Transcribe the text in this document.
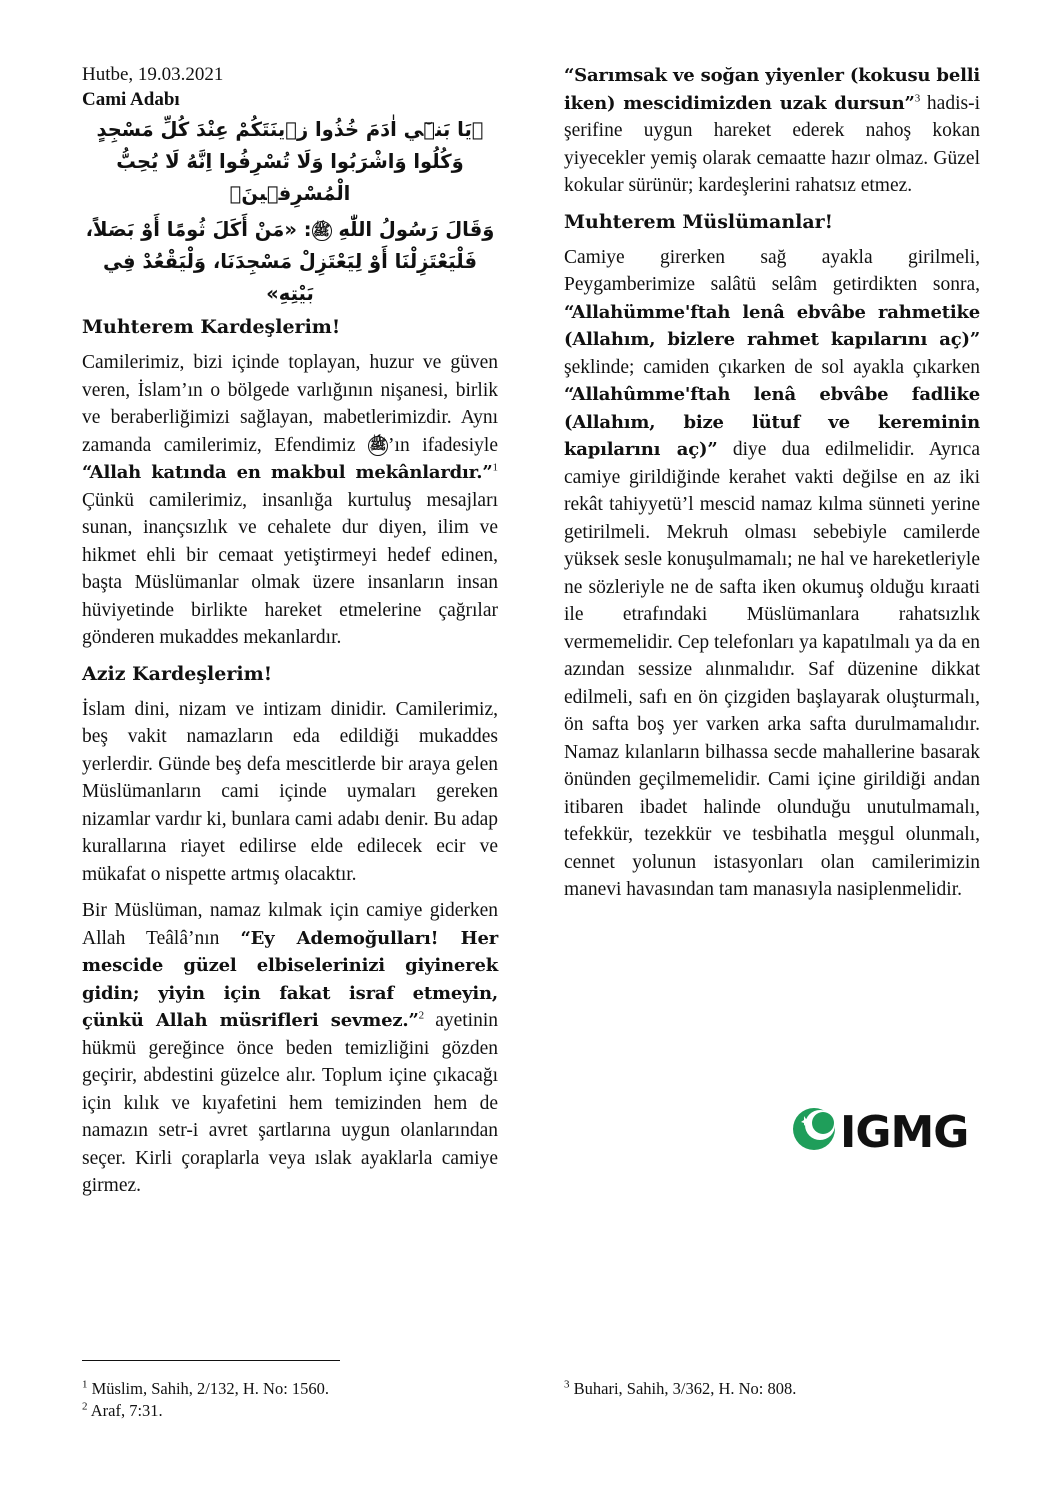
Hutbe, 19.03.2021

Cami Adabı

﴿يَا بَنٖٓي اٰدَمَ خُذُوا زٖينَتَكُمْ عِنْدَ كُلِّ مَسْجِدٍ وَكُلُوا وَاشْرَبُوا وَلَا تُسْرِفُوا اِنَّهُ لَا يُحِبُّ الْمُسْرِفٖينَ﴾

وَقَالَ رَسُولُ اللّٰهِ ﷺ: «مَنْ أَكَلَ ثُومًا أَوْ بَصَلاً، فَلْيَعْتَزِلْنَا أَوْ لِيَعْتَزِلْ مَسْجِدَنَا، وَلْيَقْعُدْ فِي بَيْتِهِ»

Muhterem Kardeşlerim!

Camilerimiz, bizi içinde toplayan, huzur ve güven veren, İslam’ın o bölgede varlığının nişanesi, birlik ve beraberliğimizi sağlayan, mabetlerimizdir. Aynı zamanda camilerimiz, Efendimiz ﷺ’ın ifadesiyle “Allah katında en makbul mekânlardır.”$^1$ Çünkü camilerimiz, insanlığa kurtuluş mesajları sunan, inançsızlık ve cehalete dur diyen, ilim ve hikmet ehli bir cemaat yetiştirmeyi hedef edinen, başta Müslümanlar olmak üzere insanların insan hüviyetinde birlikte hareket etmelerine çağrılar gönderen mukaddes mekanlardır.

Aziz Kardeşlerim!

İslam dini, nizam ve intizam dinidir. Camilerimiz, beş vakit namazların eda edildiği mukaddes yerlerdir. Günde beş defa mescitlerde bir araya gelen Müslümanların cami içinde uymaları gereken nizamlar vardır ki, bunlara cami adabı denir. Bu adap kurallarına riayet edilirse elde edilecek ecir ve mükafat o nispette artmış olacaktır.

Bir Müslüman, namaz kılmak için camiye giderken Allah Teâlâ’nın “Ey Ademoğulları! Her mescide güzel elbiselerinizi giyinerek gidin; yiyin için fakat israf etmeyin, çünkü Allah müsrifleri sevmez.”$^2$ ayetinin hükmü gereğince önce beden temizliğini gözden geçirir, abdestini güzelce alır. Toplum içine çıkacağı için kılık ve kıyafetini hem temizinden hem de namazın setr-i avret şartlarına uygun olanlarından seçer. Kirli çoraplarla veya ıslak ayaklarla camiye girmez.

“Sarımsak ve soğan yiyenler (kokusu belli iken) mescidimizden uzak dursun”$^3$ hadis-i şerifine uygun hareket ederek nahoş kokan yiyecekler yemiş olarak cemaatte hazır olmaz. Güzel kokular sürünür; kardeşlerini rahatsız etmez.

Muhterem Müslümanlar!

Camiye girerken sağ ayakla girilmeli, Peygamberimize salâtü selâm getirdikten sonra, “Allahümme'ftah lenâ ebvâbe rahmetike (Allahım, bizlere rahmet kapılarını aç)” şeklinde; camiden çıkarken de sol ayakla çıkarken “Allahûmme'ftah lenâ ebvâbe fadlike (Allahım, bize lütuf ve kereminin kapılarını aç)” diye dua edilmelidir. Ayrıca camiye girildiğinde kerahet vakti değilse en az iki rekât tahiyyetü’l mescid namaz kılma sünneti yerine getirilmeli. Mekruh olması sebebiyle camilerde yüksek sesle konuşulmamalı; ne hal ve hareketleriyle ne sözleriyle ne de safta iken okumuş olduğu kıraati ile etrafındaki Müslümanlara rahatsızlık vermemelidir. Cep telefonları ya kapatılmalı ya da en azından sessize alınmalıdır. Saf düzenine dikkat edilmeli, safı en ön çizgiden başlayarak oluşturmalı, ön safta boş yer varken arka safta durulmamalıdır. Namaz kılanların bilhassa secde mahallerine basarak önünden geçilmemelidir. Cami içine girildiği andan itibaren ibadet halinde olunduğu unutulmamalı, tefekkür, tezekkür ve tesbihatla meşgul olunmalı, cennet yolunun istasyonları olan camilerimizin manevi havasından tam manasıyla nasiplenmelidir.

IGMG

$^1$ Müslim, Sahih, 2/132, H. No: 1560.

$^2$ Araf, 7:31.

$^3$ Buhari, Sahih, 3/362, H. No: 808.
